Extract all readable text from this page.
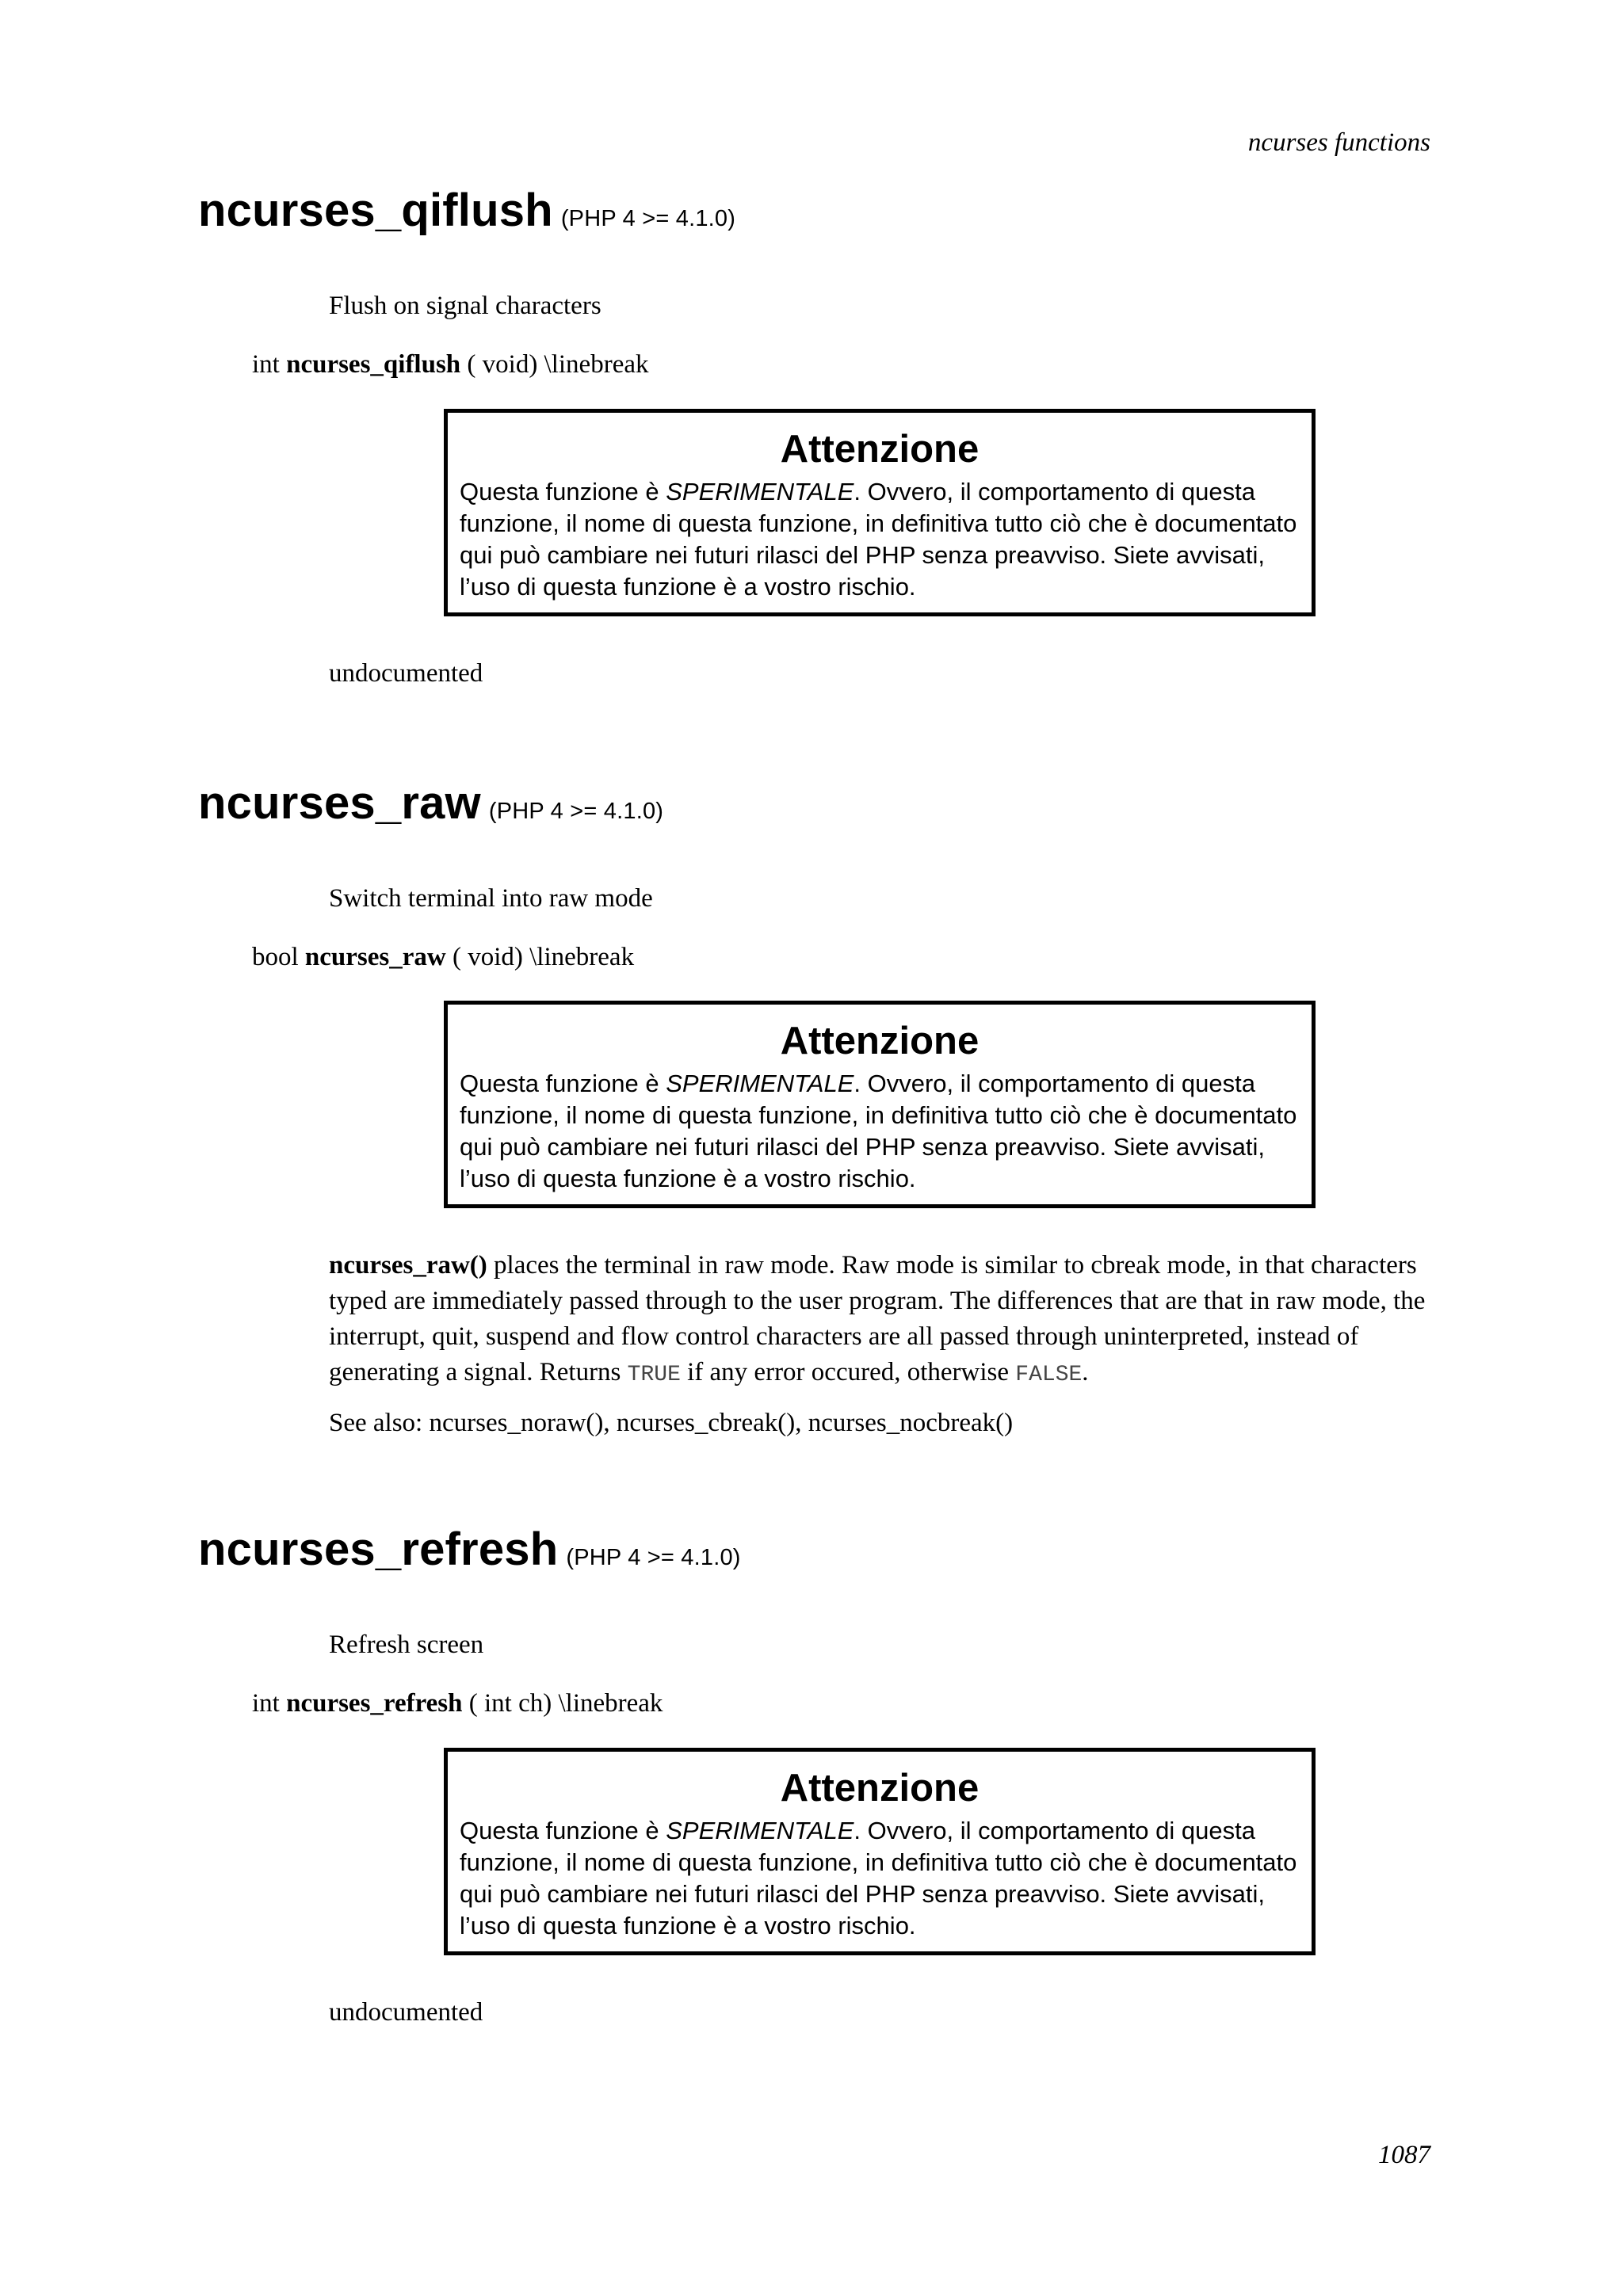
ncurses functions
ncurses_qiflush (PHP 4 >= 4.1.0)
Flush on signal characters
int ncurses_qiflush ( void) \linebreak
Attenzione
Questa funzione è SPERIMENTALE. Ovvero, il comportamento di questa funzione, il nome di questa funzione, in definitiva tutto ciò che è documentato qui può cambiare nei futuri rilasci del PHP senza preavviso. Siete avvisati, l’uso di questa funzione è a vostro rischio.
undocumented
ncurses_raw (PHP 4 >= 4.1.0)
Switch terminal into raw mode
bool ncurses_raw ( void) \linebreak
Attenzione
Questa funzione è SPERIMENTALE. Ovvero, il comportamento di questa funzione, il nome di questa funzione, in definitiva tutto ciò che è documentato qui può cambiare nei futuri rilasci del PHP senza preavviso. Siete avvisati, l’uso di questa funzione è a vostro rischio.
ncurses_raw() places the terminal in raw mode. Raw mode is similar to cbreak mode, in that characters typed are immediately passed through to the user program. The differences that are that in raw mode, the interrupt, quit, suspend and flow control characters are all passed through uninterpreted, instead of generating a signal. Returns TRUE if any error occured, otherwise FALSE.
See also: ncurses_noraw(), ncurses_cbreak(), ncurses_nocbreak()
ncurses_refresh (PHP 4 >= 4.1.0)
Refresh screen
int ncurses_refresh ( int ch) \linebreak
Attenzione
Questa funzione è SPERIMENTALE. Ovvero, il comportamento di questa funzione, il nome di questa funzione, in definitiva tutto ciò che è documentato qui può cambiare nei futuri rilasci del PHP senza preavviso. Siete avvisati, l’uso di questa funzione è a vostro rischio.
undocumented
1087
